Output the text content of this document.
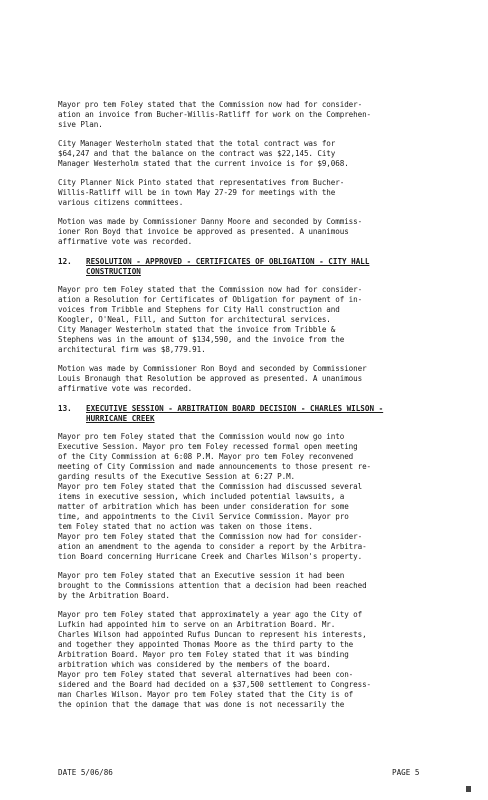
Mayor pro tem Foley stated that the Commission now had for consider-
ation an invoice from Bucher-Willis-Ratliff for work on the Comprehen-
sive Plan.
City Manager Westerholm stated that the total contract was for
$64,247 and that the balance on the contract was $22,145. City
Manager Westerholm stated that the current invoice is for $9,068.
City Planner Nick Pinto stated that representatives from Bucher-
Willis-Ratliff will be in town May 27-29 for meetings with the
various citizens committees.
Motion was made by Commissioner Danny Moore and seconded by Commiss-
ioner Ron Boyd that invoice be approved as presented. A unanimous
affirmative vote was recorded.
12. RESOLUTION - APPROVED - CERTIFICATES OF OBLIGATION - CITY HALL
CONSTRUCTION
Mayor pro tem Foley stated that the Commission now had for consider-
ation a Resolution for Certificates of Obligation for payment of in-
voices from Tribble and Stephens for City Hall construction and
Koogler, O'Neal, Fill, and Sutton for architectural services.
City Manager Westerholm stated that the invoice from Tribble &
Stephens was in the amount of $134,590, and the invoice from the
architectural firm was $8,779.91.
Motion was made by Commissioner Ron Boyd and seconded by Commissioner
Louis Bronaugh that Resolution be approved as presented. A unanimous
affirmative vote was recorded.
13. EXECUTIVE SESSION - ARBITRATION BOARD DECISION - CHARLES WILSON -
HURRICANE CREEK
Mayor pro tem Foley stated that the Commission would now go into
Executive Session. Mayor pro tem Foley recessed formal open meeting
of the City Commission at 6:08 P.M. Mayor pro tem Foley reconvened
meeting of City Commission and made announcements to those present re-
garding results of the Executive Session at 6:27 P.M.
Mayor pro tem Foley stated that the Commission had discussed several
items in executive session, which included potential lawsuits, a
matter of arbitration which has been under consideration for some
time, and appointments to the Civil Service Commission. Mayor pro
tem Foley stated that no action was taken on those items.
Mayor pro tem Foley stated that the Commission now had for consider-
ation an amendment to the agenda to consider a report by the Arbitra-
tion Board concerning Hurricane Creek and Charles Wilson's property.
Mayor pro tem Foley stated that an Executive session it had been
brought to the Commissions attention that a decision had been reached
by the Arbitration Board.
Mayor pro tem Foley stated that approximately a year ago the City of
Lufkin had appointed him to serve on an Arbitration Board. Mr.
Charles Wilson had appointed Rufus Duncan to represent his interests,
and together they appointed Thomas Moore as the third party to the
Arbitration Board. Mayor pro tem Foley stated that it was binding
arbitration which was considered by the members of the board.
Mayor pro tem Foley stated that several alternatives had been con-
sidered and the Board had decided on a $37,500 settlement to Congress-
man Charles Wilson. Mayor pro tem Foley stated that the City is of
the opinion that the damage that was done is not necessarily the
DATE 5/06/86	PAGE 5
